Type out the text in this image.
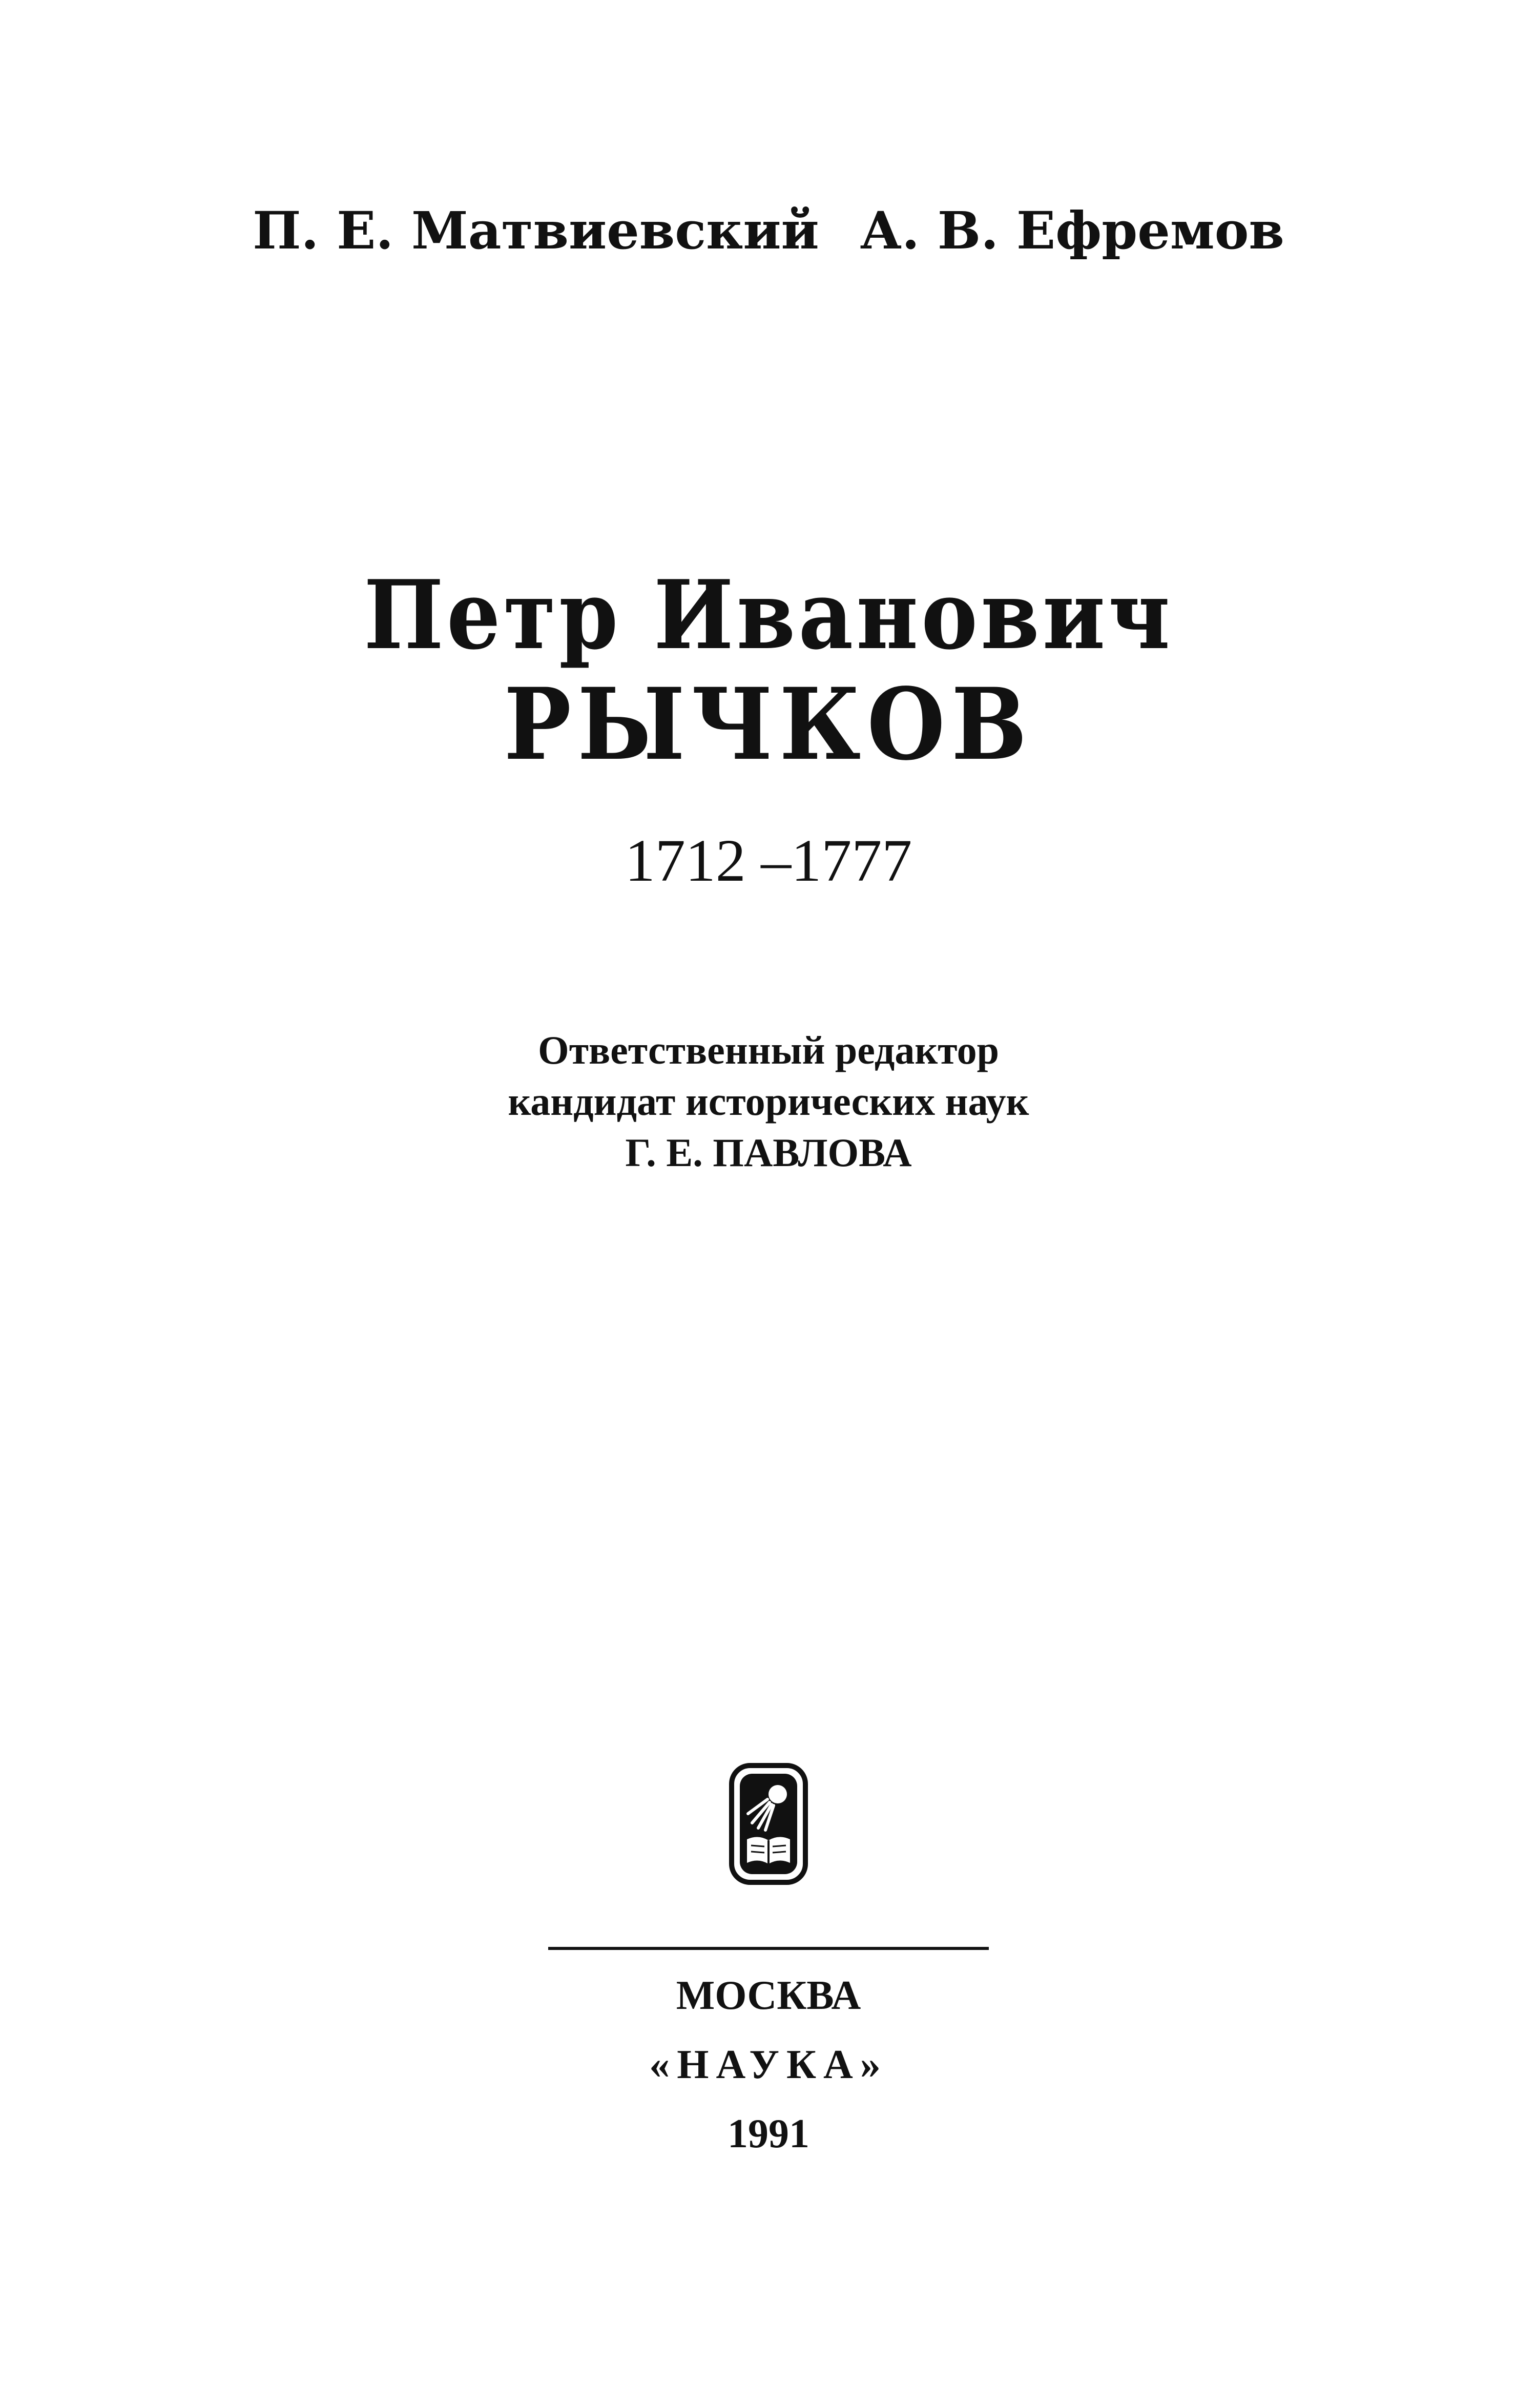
П. Е. Матвиевский А. В. Ефремов
Петр Иванович
РЫЧКОВ
1712 –1777
Ответственный редактор
кандидат исторических наук
Г. Е. ПАВЛОВА
МОСКВА
«НАУКА»
1991
